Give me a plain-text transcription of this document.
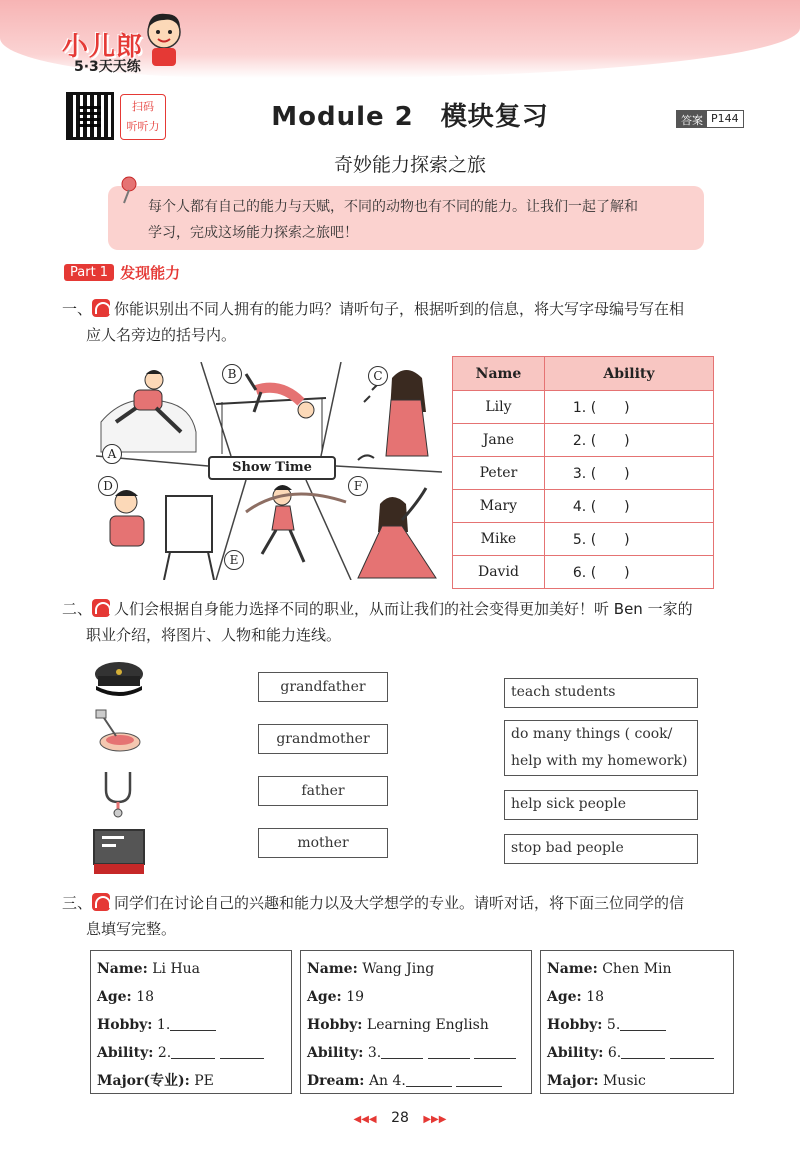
小儿郎
5·3天天练
扫码
听听力	Module 2　模块复习	答案 P144
奇妙能力探索之旅
每个人都有自己的能力与天赋，不同的动物也有不同的能力。让我们一起了解和
学习，完成这场能力探索之旅吧！
Part 1 发现能力
一、 你能识别出不同人拥有的能力吗？请听句子，根据听到的信息，将大写字母编号写在相
应人名旁边的括号内。
A
B	C
D
E
F
Show Time
Name	Ability
Lily	1. (　　)
Jane	2. (　　)
Peter	3. (　　)
Mary	4. (　　)
Mike	5. (　　)
David	6. (　　)
二、 人们会根据自身能力选择不同的职业，从而让我们的社会变得更加美好！听 Ben 一家的
职业介绍，将图片、人物和能力连线。
grandfather
grandmother
father
mother
teach students
do many things ( cook/
help with my homework)
help sick people
stop bad people
三、 同学们在讨论自己的兴趣和能力以及大学想学的专业。请听对话，将下面三位同学的信
息填写完整。
Name: Li Hua
Age: 18
Hobby: 1.
Ability: 2.
Major(专业): PE
Name: Wang Jing
Age: 19
Hobby: Learning English
Ability: 3.
Dream: An 4.
Name: Chen Min
Age: 18
Hobby: 5.
Ability: 6.
Major: Music
◀◀◀ 28 ▶▶▶
